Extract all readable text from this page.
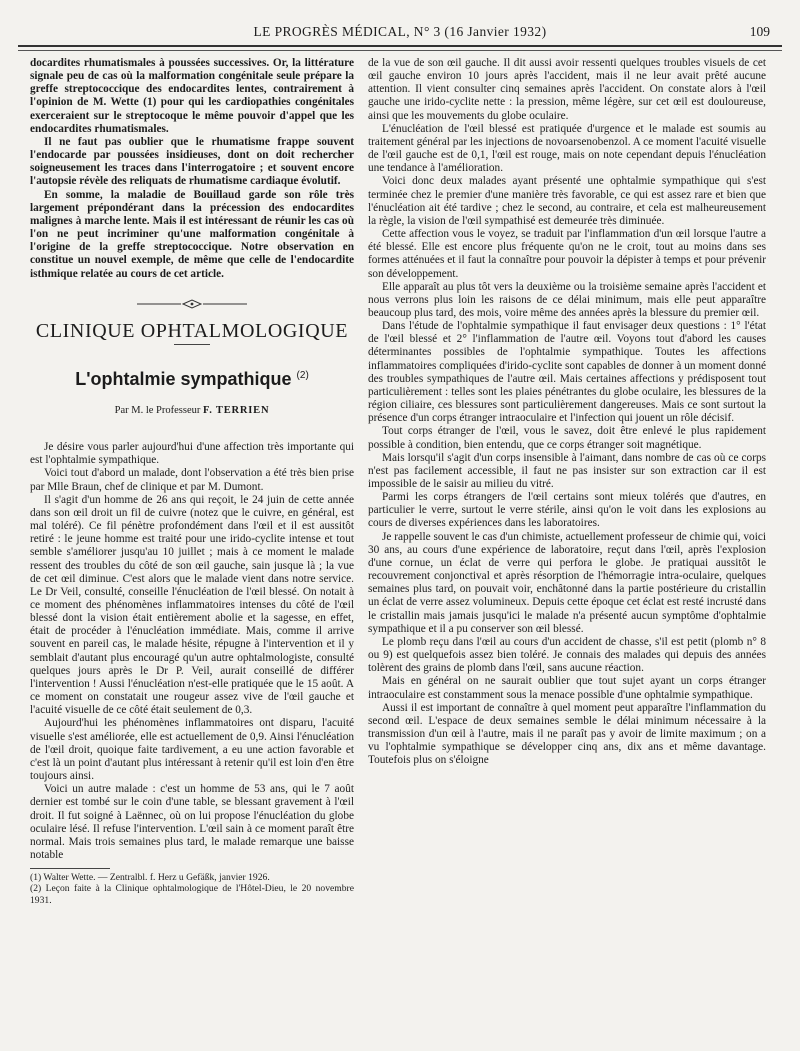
LE PROGRÈS MÉDICAL, N° 3 (16 Janvier 1932)	109

docardites rhumatismales à poussées successives. Or, la littérature signale peu de cas où la malformation congénitale seule prépare la greffe streptococcique des endocardites lentes, contrairement à l'opinion de M. Wette (1) pour qui les cardiopathies congénitales exerceraient sur le streptocoque le même pouvoir d'appel que les endocardites rhumatismales.

Il ne faut pas oublier que le rhumatisme frappe souvent l'endocarde par poussées insidieuses, dont on doit rechercher soigneusement les traces dans l'interrogatoire ; et souvent encore l'autopsie révèle des reliquats de rhumatisme cardiaque évolutif.

En somme, la maladie de Bouillaud garde son rôle très largement prépondérant dans la précession des endocardites malignes à marche lente. Mais il est intéressant de réunir les cas où l'on ne peut incriminer qu'une malformation congénitale à l'origine de la greffe streptococcique. Notre observation en constitue un nouvel exemple, de même que celle de l'endocardite isthmique relatée au cours de cet article.

CLINIQUE OPHTALMOLOGIQUE
L'ophtalmie sympathique $^{(2)}$
Par M. le Professeur F. TERRIEN

Je désire vous parler aujourd'hui d'une affection très importante qui est l'ophtalmie sympathique.

Voici tout d'abord un malade, dont l'observation a été très bien prise par Mlle Braun, chef de clinique et par M. Dumont.

Il s'agit d'un homme de 26 ans qui reçoit, le 24 juin de cette année dans son œil droit un fil de cuivre (notez que le cuivre, en général, est mal toléré). Ce fil pénètre profondément dans l'œil et il est aussitôt retiré : le jeune homme est traité pour une irido-cyclite intense et tout semble s'améliorer jusqu'au 10 juillet ; mais à ce moment le malade ressent des troubles du côté de son œil gauche, sain jusque là ; la vue de cet œil diminue. C'est alors que le malade vient dans notre service. Le Dr Veil, consulté, conseille l'énucléation de l'œil blessé. On notait à ce moment des phénomènes inflammatoires intenses du côté de l'œil blessé dont la vision était entièrement abolie et la sagesse, en effet, était de procéder à l'énucléation immédiate. Mais, comme il arrive souvent en pareil cas, le malade hésite, répugne à l'intervention et il y semblait d'autant plus encouragé qu'un autre ophtalmologiste, consulté quelques jours après le Dr P. Veil, aurait conseillé de différer l'intervention ! Aussi l'énucléation n'est-elle pratiquée que le 15 août. A ce moment on constatait une rougeur assez vive de l'œil gauche et l'acuité visuelle de ce côté était seulement de 0,3.

Aujourd'hui les phénomènes inflammatoires ont disparu, l'acuité visuelle s'est améliorée, elle est actuellement de 0,9. Ainsi l'énucléation de l'œil droit, quoique faite tardivement, a eu une action favorable et c'est là un point d'autant plus intéressant à retenir qu'il est loin d'en être toujours ainsi.

Voici un autre malade : c'est un homme de 53 ans, qui le 7 août dernier est tombé sur le coin d'une table, se blessant gravement à l'œil droit. Il fut soigné à Laënnec, où on lui propose l'énucléation du globe oculaire lésé. Il refuse l'intervention. L'œil sain à ce moment paraît être normal. Mais trois semaines plus tard, le malade remarque une baisse notable

(1) Walter Wette. — Zentralbl. f. Herz u Gefäßk, janvier 1926.

(2) Leçon faite à la Clinique ophtalmologique de l'Hôtel-Dieu, le 20 novembre 1931.

de la vue de son œil gauche. Il dit aussi avoir ressenti quelques troubles visuels de cet œil gauche environ 10 jours après l'accident, mais il ne leur avait prêté aucune attention. Il vient consulter cinq semaines après l'accident. On constate alors à l'œil gauche une irido-cyclite nette : la pression, même légère, sur cet œil est douloureuse, ainsi que les mouvements du globe oculaire.

L'énucléation de l'œil blessé est pratiquée d'urgence et le malade est soumis au traitement général par les injections de novoarsenobenzol. A ce moment l'acuité visuelle de l'œil gauche est de 0,1, l'œil est rouge, mais on note cependant depuis l'énucléation une tendance à l'amélioration.

Voici donc deux malades ayant présenté une ophtalmie sympathique qui s'est terminée chez le premier d'une manière très favorable, ce qui est assez rare et bien que l'énucléation ait été tardive ; chez le second, au contraire, et cela est malheureusement la règle, la vision de l'œil sympathisé est demeurée très diminuée.

Cette affection vous le voyez, se traduit par l'inflammation d'un œil lorsque l'autre a été blessé. Elle est encore plus fréquente qu'on ne le croit, tout au moins dans ses formes atténuées et il faut la connaître pour pouvoir la dépister à temps et pour prévenir son développement.

Elle apparaît au plus tôt vers la deuxième ou la troisième semaine après l'accident et nous verrons plus loin les raisons de ce délai minimum, mais elle peut apparaître beaucoup plus tard, des mois, voire même des années après la blessure du premier œil.

Dans l'étude de l'ophtalmie sympathique il faut envisager deux questions : 1° l'état de l'œil blessé et 2° l'inflammation de l'autre œil. Voyons tout d'abord les causes déterminantes possibles de l'ophtalmie sympathique. Toutes les affections inflammatoires compliquées d'irido-cyclite sont capables de donner à un moment donné des troubles sympathiques de l'autre œil. Mais certaines affections y prédisposent tout particulièrement : telles sont les plaies pénétrantes du globe oculaire, les blessures de la région ciliaire, ces blessures sont particulièrement dangereuses. Mais ce sont surtout la présence d'un corps étranger intraoculaire et l'infection qui jouent un rôle décisif.

Tout corps étranger de l'œil, vous le savez, doit être enlevé le plus rapidement possible à condition, bien entendu, que ce corps étranger soit magnétique.

Mais lorsqu'il s'agit d'un corps insensible à l'aimant, dans nombre de cas où ce corps n'est pas facilement accessible, il faut ne pas insister sur son extraction car il est impossible de le saisir au milieu du vitré.

Parmi les corps étrangers de l'œil certains sont mieux tolérés que d'autres, en particulier le verre, surtout le verre stérile, ainsi qu'on le voit dans les explosions au cours de diverses expériences dans les laboratoires.

Je rappelle souvent le cas d'un chimiste, actuellement professeur de chimie qui, voici 30 ans, au cours d'une expérience de laboratoire, reçut dans l'œil, après l'explosion d'une cornue, un éclat de verre qui perfora le globe. Je pratiquai aussitôt le recouvrement conjonctival et après résorption de l'hémorragie intra-oculaire, quelques semaines plus tard, on pouvait voir, enchâtonné dans la partie postérieure du cristallin un éclat de verre assez volumineux. Depuis cette époque cet éclat est resté incrusté dans le cristallin mais jamais jusqu'ici le malade n'a présenté aucun symptôme d'ophtalmie sympathique et il a pu conserver son œil blessé.

Le plomb reçu dans l'œil au cours d'un accident de chasse, s'il est petit (plomb n° 8 ou 9) est quelquefois assez bien toléré. Je connais des malades qui depuis des années tolèrent des grains de plomb dans l'œil, sans aucune réaction.

Mais en général on ne saurait oublier que tout sujet ayant un corps étranger intraoculaire est constamment sous la menace possible d'une ophtalmie sympathique.

Aussi il est important de connaître à quel moment peut apparaître l'inflammation du second œil. L'espace de deux semaines semble le délai minimum nécessaire à la transmission d'un œil à l'autre, mais il ne paraît pas y avoir de limite maximum ; on a vu l'ophtalmie sympathique se développer cinq ans, dix ans et même davantage. Toutefois plus on s'éloigne
